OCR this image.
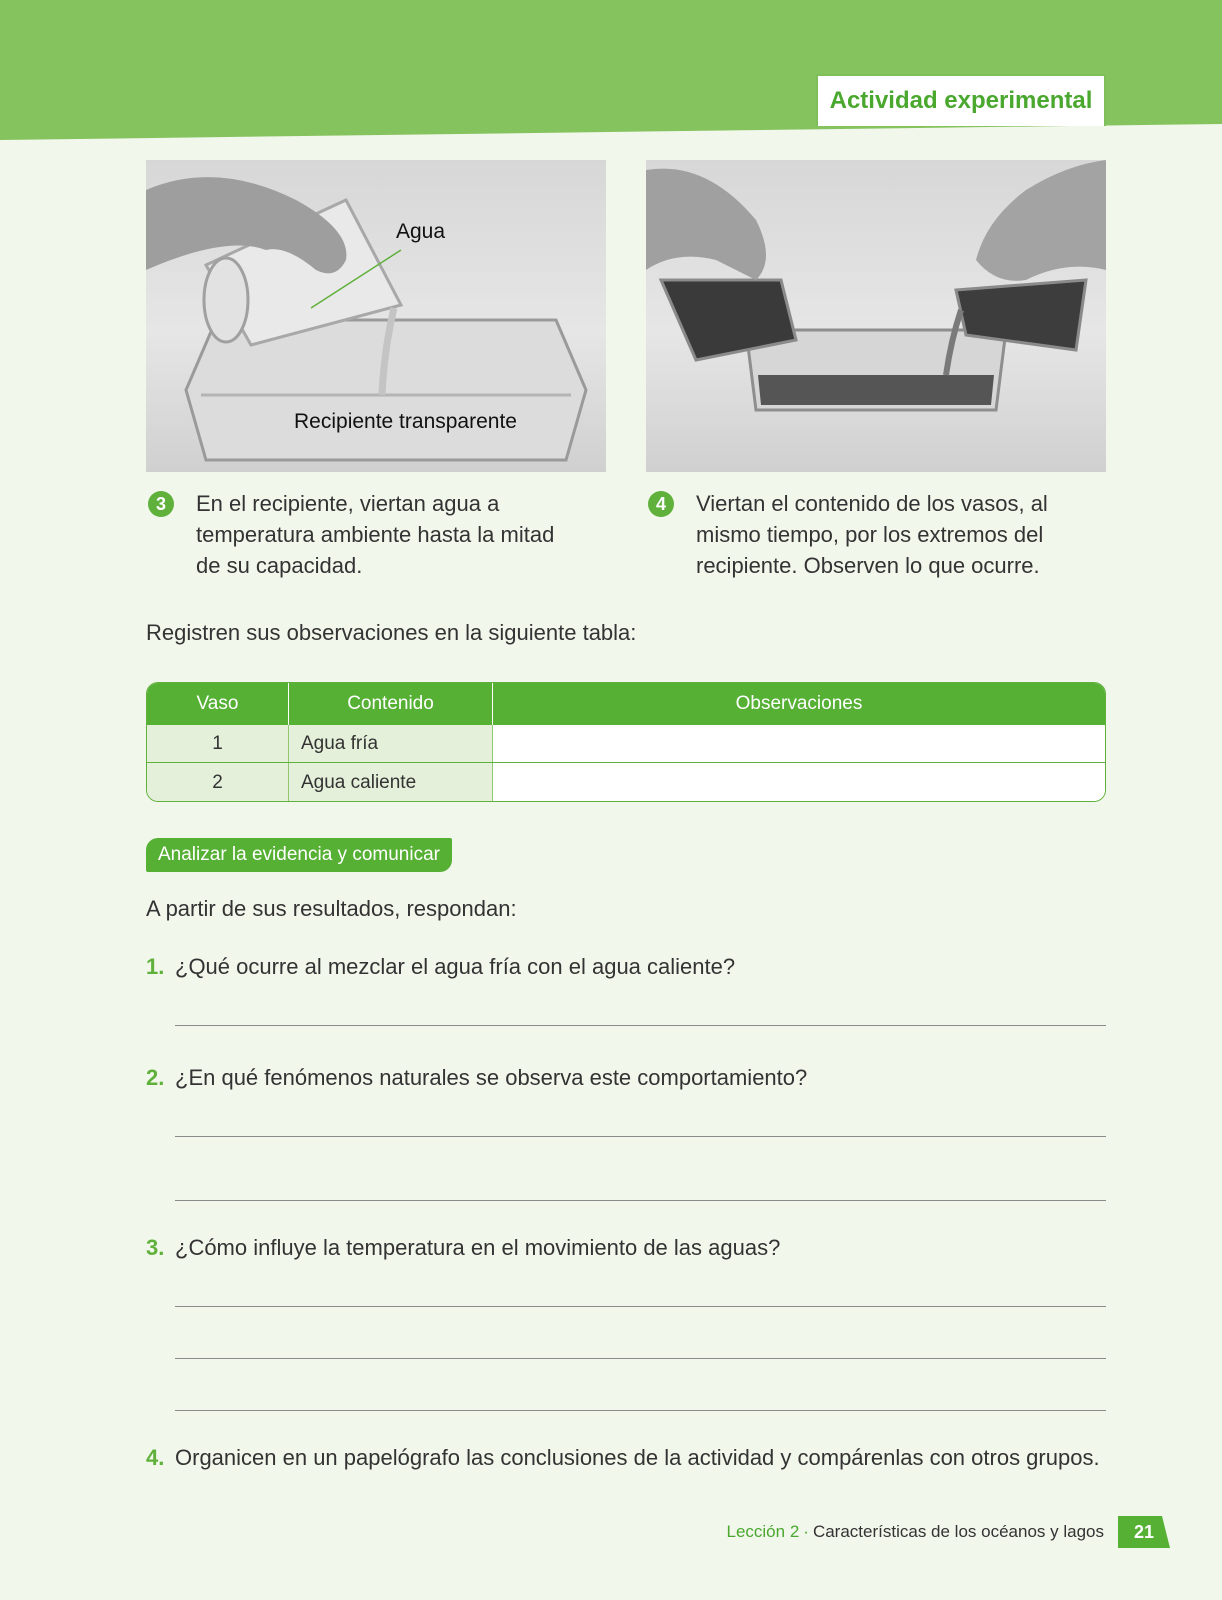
Actividad experimental
Agua
Recipiente transparente
3	En el recipiente, viertan agua a temperatura ambiente hasta la mitad de su capacidad.
4	Viertan el contenido de los vasos, al mismo tiempo, por los extremos del recipiente. Observen lo que ocurre.
Registren sus observaciones en la siguiente tabla:
Vaso	Contenido	Observaciones
1	Agua fría
2	Agua caliente
Analizar la evidencia y comunicar
A partir de sus resultados, respondan:
1. ¿Qué ocurre al mezclar el agua fría con el agua caliente?
2. ¿En qué fenómenos naturales se observa este comportamiento?
3. ¿Cómo influye la temperatura en el movimiento de las aguas?
4. Organicen en un papelógrafo las conclusiones de la actividad y compárenlas con otros grupos.
Lección 2 · Características de los océanos y lagos 21
